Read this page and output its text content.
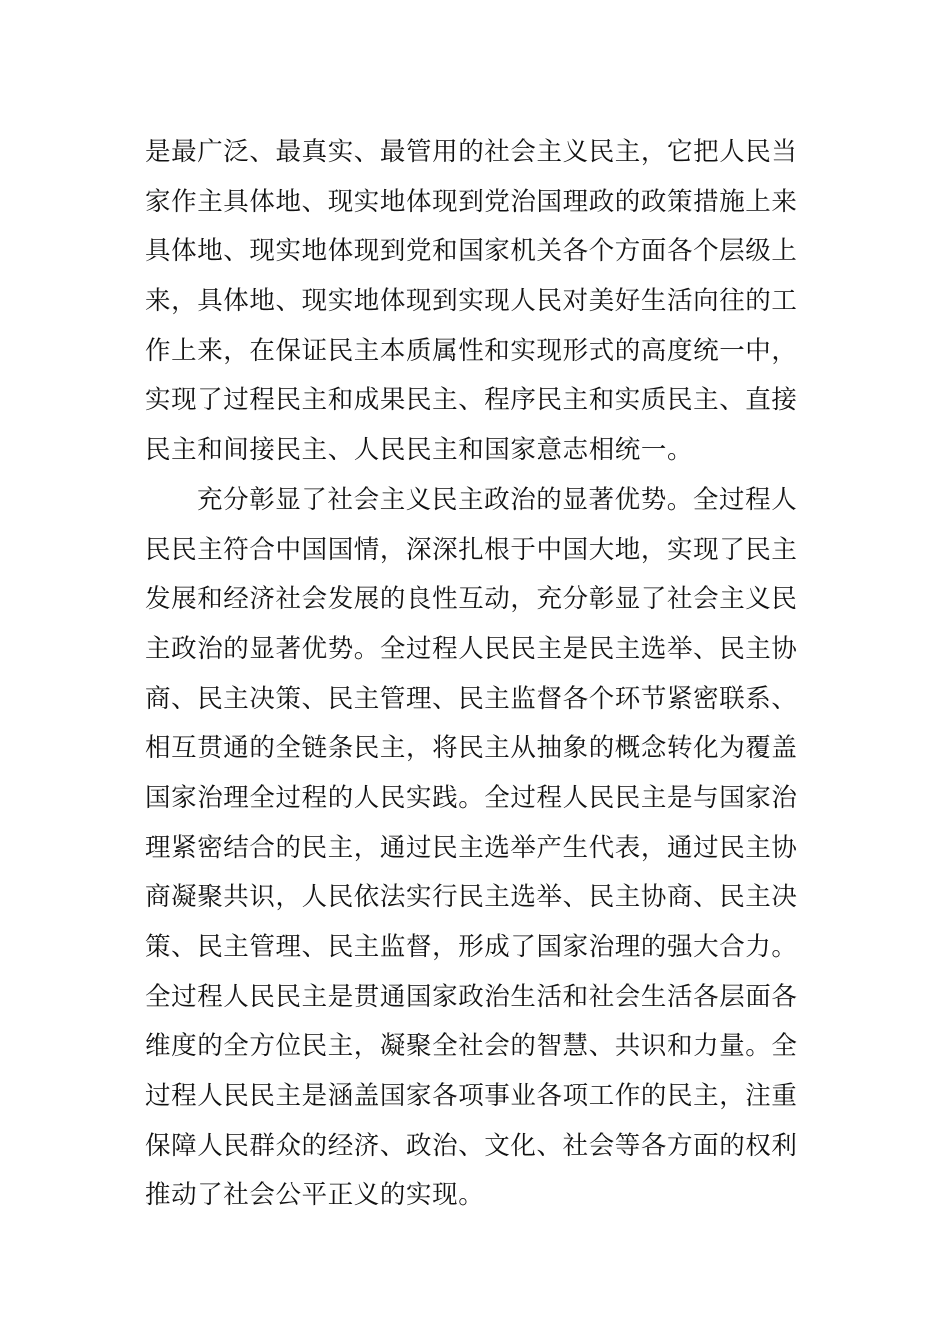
是最广泛、最真实、最管用的社会主义民主，它把人民当
家作主具体地、现实地体现到党治国理政的政策措施上来
具体地、现实地体现到党和国家机关各个方面各个层级上
来，具体地、现实地体现到实现人民对美好生活向往的工
作上来，在保证民主本质属性和实现形式的高度统一中，
实现了过程民主和成果民主、程序民主和实质民主、直接
民主和间接民主、人民民主和国家意志相统一。
充分彰显了社会主义民主政治的显著优势。全过程人
民民主符合中国国情，深深扎根于中国大地，实现了民主
发展和经济社会发展的良性互动，充分彰显了社会主义民
主政治的显著优势。全过程人民民主是民主选举、民主协
商、民主决策、民主管理、民主监督各个环节紧密联系、
相互贯通的全链条民主，将民主从抽象的概念转化为覆盖
国家治理全过程的人民实践。全过程人民民主是与国家治
理紧密结合的民主，通过民主选举产生代表，通过民主协
商凝聚共识，人民依法实行民主选举、民主协商、民主决
策、民主管理、民主监督，形成了国家治理的强大合力。
全过程人民民主是贯通国家政治生活和社会生活各层面各
维度的全方位民主，凝聚全社会的智慧、共识和力量。全
过程人民民主是涵盖国家各项事业各项工作的民主，注重
保障人民群众的经济、政治、文化、社会等各方面的权利
推动了社会公平正义的实现。
